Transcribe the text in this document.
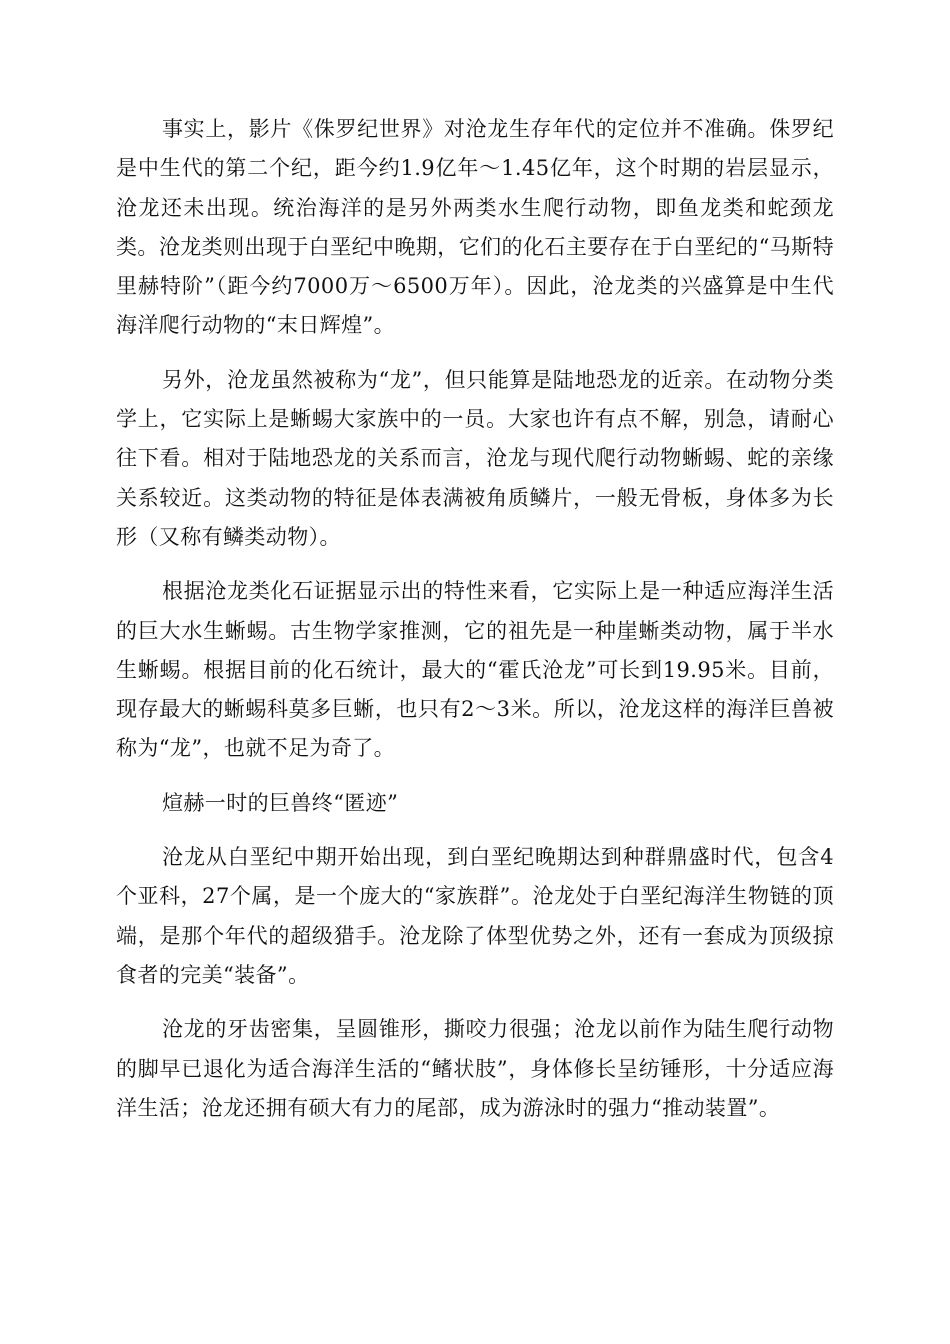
事实上，影片《侏罗纪世界》对沧龙生存年代的定位并不准确。侏罗纪是中生代的第二个纪，距今约1.9亿年～1.45亿年，这个时期的岩层显示，沧龙还未出现。统治海洋的是另外两类水生爬行动物，即鱼龙类和蛇颈龙类。沧龙类则出现于白垩纪中晚期，它们的化石主要存在于白垩纪的“马斯特里赫特阶”（距今约7000万～6500万年）。因此，沧龙类的兴盛算是中生代海洋爬行动物的“末日辉煌”。

另外，沧龙虽然被称为“龙”，但只能算是陆地恐龙的近亲。在动物分类学上，它实际上是蜥蜴大家族中的一员。大家也许有点不解，别急，请耐心往下看。相对于陆地恐龙的关系而言，沧龙与现代爬行动物蜥蜴、蛇的亲缘关系较近。这类动物的特征是体表满被角质鳞片，一般无骨板，身体多为长形（又称有鳞类动物）。

根据沧龙类化石证据显示出的特性来看，它实际上是一种适应海洋生活的巨大水生蜥蜴。古生物学家推测，它的祖先是一种崖蜥类动物，属于半水生蜥蜴。根据目前的化石统计，最大的“霍氏沧龙”可长到19.95米。目前，现存最大的蜥蜴科莫多巨蜥，也只有2～3米。所以，沧龙这样的海洋巨兽被称为“龙”，也就不足为奇了。

煊赫一时的巨兽终“匿迹”

沧龙从白垩纪中期开始出现，到白垩纪晚期达到种群鼎盛时代，包含4个亚科，27个属，是一个庞大的“家族群”。沧龙处于白垩纪海洋生物链的顶端，是那个年代的超级猎手。沧龙除了体型优势之外，还有一套成为顶级掠食者的完美“装备”。

沧龙的牙齿密集，呈圆锥形，撕咬力很强；沧龙以前作为陆生爬行动物的脚早已退化为适合海洋生活的“鳍状肢”，身体修长呈纺锤形，十分适应海洋生活；沧龙还拥有硕大有力的尾部，成为游泳时的强力“推动装置”。
